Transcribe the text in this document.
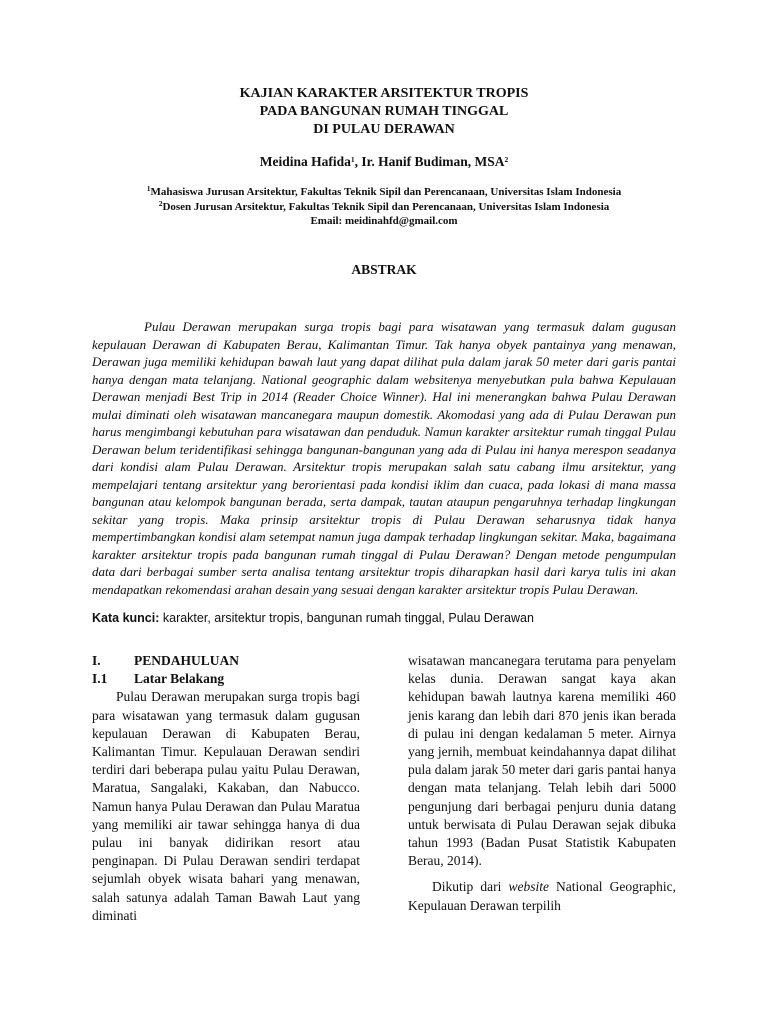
KAJIAN KARAKTER ARSITEKTUR TROPIS
PADA BANGUNAN RUMAH TINGGAL
DI PULAU DERAWAN
Meidina Hafida$^1$, Ir. Hanif Budiman, MSA$^2$
$^1$Mahasiswa Jurusan Arsitektur, Fakultas Teknik Sipil dan Perencanaan, Universitas Islam Indonesia
$^2$Dosen Jurusan Arsitektur, Fakultas Teknik Sipil dan Perencanaan, Universitas Islam Indonesia
Email: meidinahfd@gmail.com
ABSTRAK
Pulau Derawan merupakan surga tropis bagi para wisatawan yang termasuk dalam gugusan kepulauan Derawan di Kabupaten Berau, Kalimantan Timur. Tak hanya obyek pantainya yang menawan, Derawan juga memiliki kehidupan bawah laut yang dapat dilihat pula dalam jarak 50 meter dari garis pantai hanya dengan mata telanjang. National geographic dalam websitenya menyebutkan pula bahwa Kepulauan Derawan menjadi Best Trip in 2014 (Reader Choice Winner). Hal ini menerangkan bahwa Pulau Derawan mulai diminati oleh wisatawan mancanegara maupun domestik. Akomodasi yang ada di Pulau Derawan pun harus mengimbangi kebutuhan para wisatawan dan penduduk. Namun karakter arsitektur rumah tinggal Pulau Derawan belum teridentifikasi sehingga bangunan-bangunan yang ada di Pulau ini hanya merespon seadanya dari kondisi alam Pulau Derawan. Arsitektur tropis merupakan salah satu cabang ilmu arsitektur, yang mempelajari tentang arsitektur yang berorientasi pada kondisi iklim dan cuaca, pada lokasi di mana massa bangunan atau kelompok bangunan berada, serta dampak, tautan ataupun pengaruhnya terhadap lingkungan sekitar yang tropis. Maka prinsip arsitektur tropis di Pulau Derawan seharusnya tidak hanya mempertimbangkan kondisi alam setempat namun juga dampak terhadap lingkungan sekitar. Maka, bagaimana karakter arsitektur tropis pada bangunan rumah tinggal di Pulau Derawan? Dengan metode pengumpulan data dari berbagai sumber serta analisa tentang arsitektur tropis diharapkan hasil dari karya tulis ini akan mendapatkan rekomendasi arahan desain yang sesuai dengan karakter arsitektur tropis Pulau Derawan.
Kata kunci: karakter, arsitektur tropis, bangunan rumah tinggal, Pulau Derawan
I.	PENDAHULUAN
I.1	Latar Belakang

Pulau Derawan merupakan surga tropis bagi para wisatawan yang termasuk dalam gugusan kepulauan Derawan di Kabupaten Berau, Kalimantan Timur. Kepulauan Derawan sendiri terdiri dari beberapa pulau yaitu Pulau Derawan, Maratua, Sangalaki, Kakaban, dan Nabucco. Namun hanya Pulau Derawan dan Pulau Maratua yang memiliki air tawar sehingga hanya di dua pulau ini banyak didirikan resort atau penginapan. Di Pulau Derawan sendiri terdapat sejumlah obyek wisata bahari yang menawan, salah satunya adalah Taman Bawah Laut yang diminati

wisatawan mancanegara terutama para penyelam kelas dunia. Derawan sangat kaya akan kehidupan bawah lautnya karena memiliki 460 jenis karang dan lebih dari 870 jenis ikan berada di pulau ini dengan kedalaman 5 meter. Airnya yang jernih, membuat keindahannya dapat dilihat pula dalam jarak 50 meter dari garis pantai hanya dengan mata telanjang. Telah lebih dari 5000 pengunjung dari berbagai penjuru dunia datang untuk berwisata di Pulau Derawan sejak dibuka tahun 1993 (Badan Pusat Statistik Kabupaten Berau, 2014).

Dikutip dari website National Geographic, Kepulauan Derawan terpilih
